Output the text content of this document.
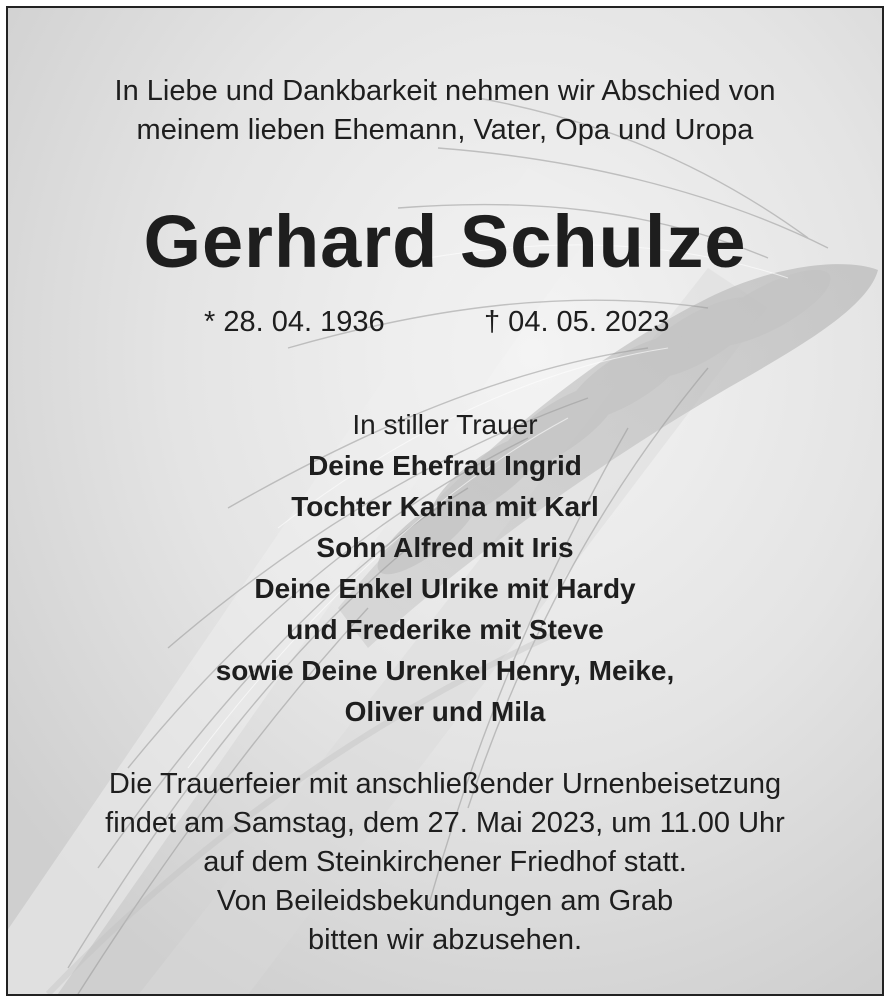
In Liebe und Dankbarkeit nehmen wir Abschied von
meinem lieben Ehemann, Vater, Opa und Uropa
Gerhard Schulze
* 28. 04. 1936	† 04. 05. 2023
In stiller Trauer
Deine Ehefrau Ingrid
Tochter Karina mit Karl
Sohn Alfred mit Iris
Deine Enkel Ulrike mit Hardy
und Frederike mit Steve
sowie Deine Urenkel Henry, Meike,
Oliver und Mila
Die Trauerfeier mit anschließender Urnenbeisetzung
findet am Samstag, dem 27. Mai 2023, um 11.00 Uhr
auf dem Steinkirchener Friedhof statt.
Von Beileidsbekundungen am Grab
bitten wir abzusehen.
